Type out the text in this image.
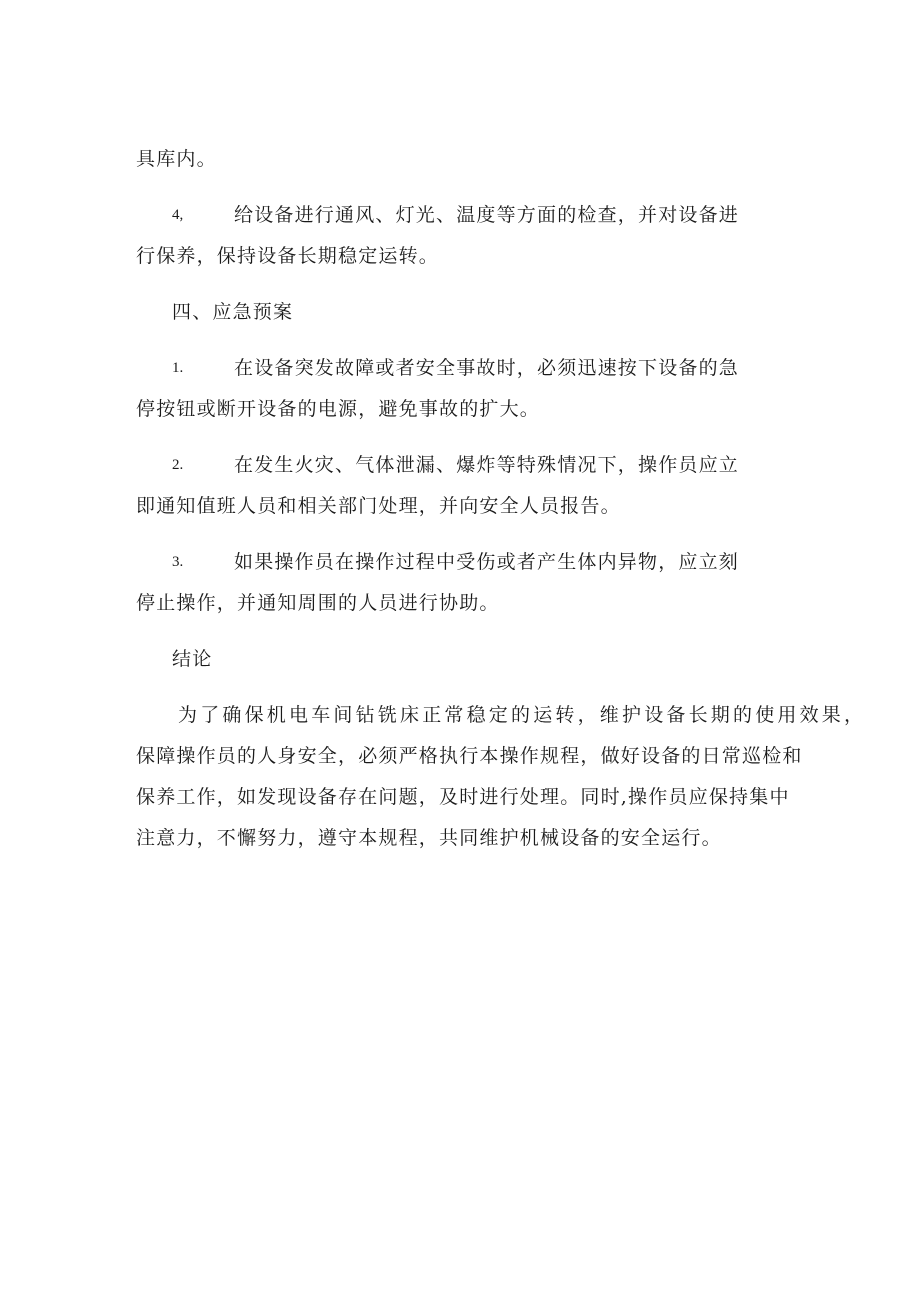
具库内。
4,	给设备进行通风、灯光、温度等方面的检查，并对设备进
行保养，保持设备长期稳定运转。
四、应急预案
1.	在设备突发故障或者安全事故时，必须迅速按下设备的急
停按钮或断开设备的电源，避免事故的扩大。
2.	在发生火灾、气体泄漏、爆炸等特殊情况下，操作员应立
即通知值班人员和相关部门处理，并向安全人员报告。
3.	如果操作员在操作过程中受伤或者产生体内异物，应立刻
停止操作，并通知周围的人员进行协助。
结论
为了确保机电车间钻铣床正常稳定的运转，维护设备长期的使用效果，
保障操作员的人身安全，必须严格执行本操作规程，做好设备的日常巡检和
保养工作，如发现设备存在问题，及时进行处理。同时,操作员应保持集中
注意力，不懈努力，遵守本规程，共同维护机械设备的安全运行。
